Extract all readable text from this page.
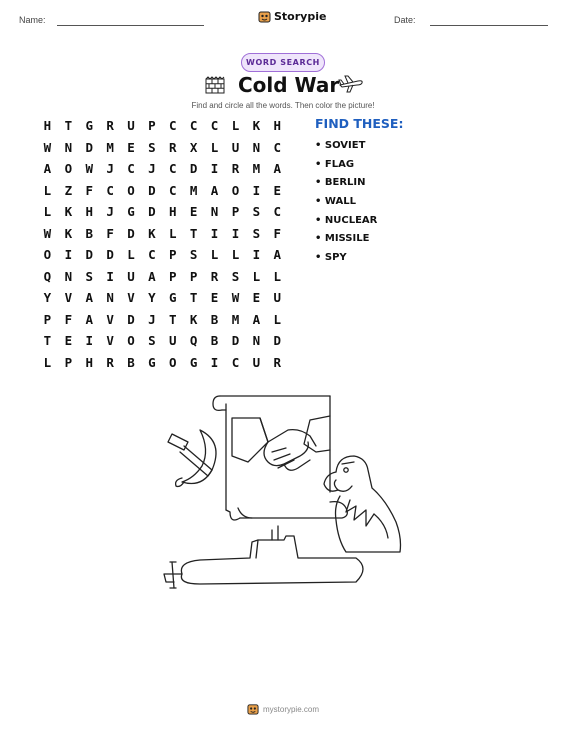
Name:	Storypie	Date:
WORD SEARCH
Cold War
Find and circle all the words. Then color the picture!
H	T	G	R	U	P	C	C	C	L	K	H
W	N	D	M	E	S	R	X	L	U	N	C
A	O	W	J	C	J	C	D	I	R	M	A
L	Z	F	C	O	D	C	M	A	O	I	E
L	K	H	J	G	D	H	E	N	P	S	C
W	K	B	F	D	K	L	T	I	I	S	F
O	I	D	D	L	C	P	S	L	L	I	A
Q	N	S	I	U	A	P	P	R	S	L	L
Y	V	A	N	V	Y	G	T	E	W	E	U
P	F	A	V	D	J	T	K	B	M	A	L
T	E	I	V	O	S	U	Q	B	D	N	D
L	P	H	R	B	G	O	G	I	C	U	R
FIND THESE:
• SOVIET
• FLAG
• BERLIN
• WALL
• NUCLEAR
• MISSILE
• SPY
mystorypie.com
